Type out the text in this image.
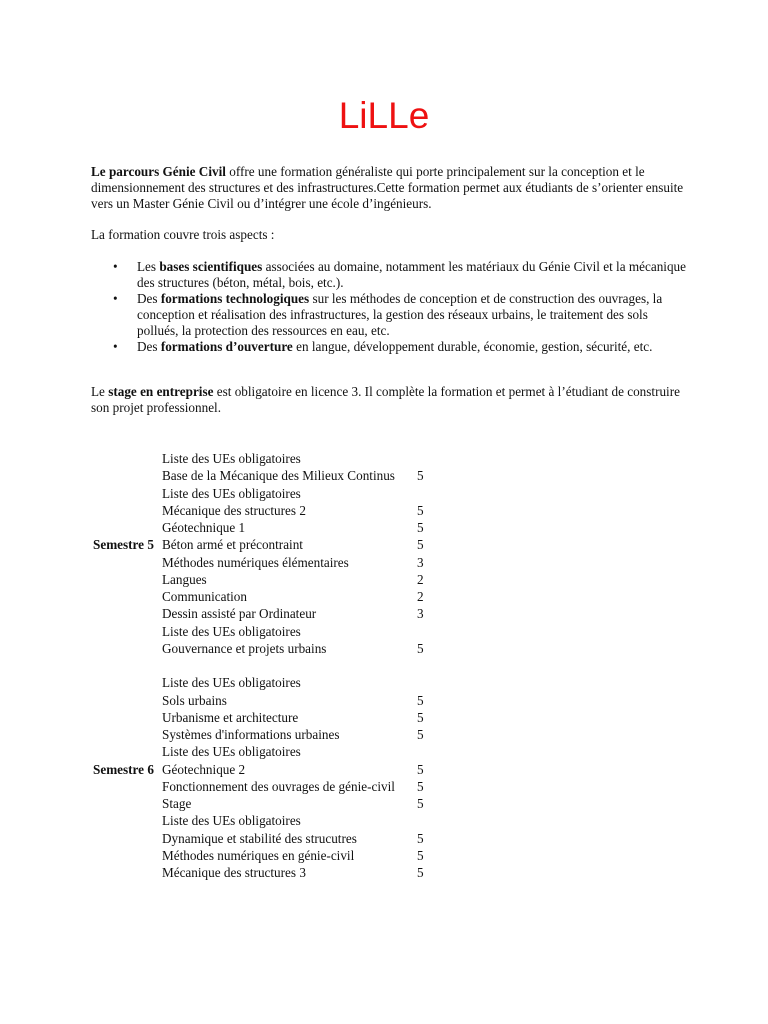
LiLLe

Le parcours Génie Civil offre une formation généraliste qui porte principalement sur la conception et le dimensionnement des structures et des infrastructures.Cette formation permet aux étudiants de s’orienter ensuite vers un Master Génie Civil ou d’intégrer une école d’ingénieurs.

La formation couvre trois aspects :

• Les bases scientifiques associées au domaine, notamment les matériaux du Génie Civil et la mécanique des structures (béton, métal, bois, etc.).
• Des formations technologiques sur les méthodes de conception et de construction des ouvrages, la conception et réalisation des infrastructures, la gestion des réseaux urbains, le traitement des sols pollués, la protection des ressources en eau, etc.
• Des formations d’ouverture en langue, développement durable, économie, gestion, sécurité, etc.

Le stage en entreprise est obligatoire en licence 3. Il complète la formation et permet à l’étudiant de construire son projet professionnel.

Liste des UEs obligatoires
Base de la Mécanique des Milieux Continus 5
Liste des UEs obligatoires
Mécanique des structures 2	5
Géotechnique 1	5
Semestre 5 Béton armé et précontraint	5
Méthodes numériques élémentaires	3
Langues	2
Communication	2
Dessin assisté par Ordinateur	3
Liste des UEs obligatoires
Gouvernance et projets urbains	5
Liste des UEs obligatoires
Sols urbains	5
Urbanisme et architecture	5
Systèmes d'informations urbaines	5
Liste des UEs obligatoires
Semestre 6 Géotechnique 2	5
Fonctionnement des ouvrages de génie-civil 5
Stage	5
Liste des UEs obligatoires
Dynamique et stabilité des strucutres	5
Méthodes numériques en génie-civil	5
Mécanique des structures 3	5
